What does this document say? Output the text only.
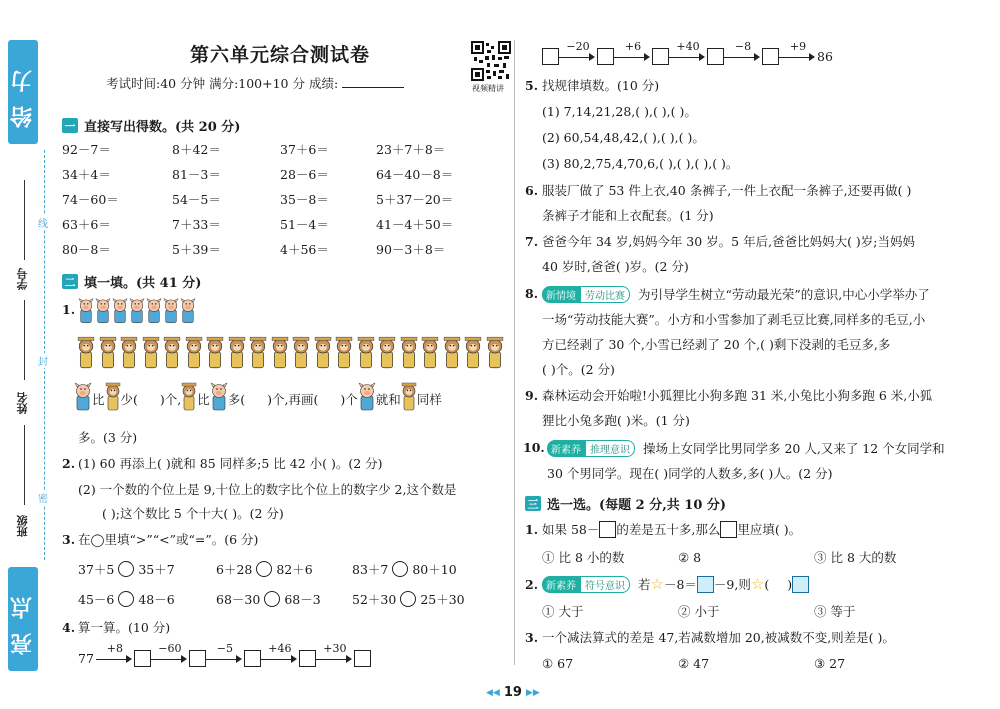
给力
亮点
学号
姓名
班级
线
封
密
第六单元综合测试卷
考试时间:40 分钟 满分:100+10 分 成绩:	视频精讲
一 直接写出得数。(共 20 分)
92－7＝	8＋42＝	37＋6＝	23＋7＋8＝
34＋4＝	81－3＝	28－6＝	64－40－8＝
74－60＝	54－5＝	35－8＝	5＋37－20＝
63＋6＝	7＋33＝	51－4＝	41－4＋50＝
80－8＝	5＋39＝	4＋56＝	90－3＋8＝
二 填一填。(共 41 分)
1.
比 少( )个, 比 多( )个,再画( )个 就和 同样
多。(3 分)
2. (1) 60 再添上( )就和 85 同样多;5 比 42 小( )。(2 分)
(2) 一个数的个位上是 9,十位上的数字比个位上的数字少 2,这个数是
( );这个数比 5 个十大( )。(2 分)
3. 在◯里填“>”“<”或“=”。(6 分)
37＋5 35＋7	6＋28 82＋6	83＋7 80＋10
45－6 48－6	68－30 68－3	52＋30 25＋30
4. 算一算。(10 分)
77
+8	−60	−5	+46	+30
−20	+6	+40	−8	+9
86
5. 找规律填数。(10 分)
(1) 7,14,21,28,( ),( ),( )。
(2) 60,54,48,42,( ),( ),( )。
(3) 80,2,75,4,70,6,( ),( ),( ),( )。
6. 服装厂做了 53 件上衣,40 条裤子,一件上衣配一条裤子,还要再做( )
条裤子才能和上衣配套。(1 分)
7. 爸爸今年 34 岁,妈妈今年 30 岁。5 年后,爸爸比妈妈大( )岁;当妈妈
40 岁时,爸爸( )岁。(2 分)
8. 新情境 劳动比赛	为引导学生树立“劳动最光荣”的意识,中心小学举办了
一场“劳动技能大赛”。小方和小雪参加了剥毛豆比赛,同样多的毛豆,小
方已经剥了 30 个,小雪已经剥了 20 个,( )剩下没剥的毛豆多,多
( )个。(2 分)
9. 森林运动会开始啦!小狐狸比小狗多跑 31 米,小兔比小狗多跑 6 米,小狐
狸比小兔多跑( )米。(1 分)
10. 新素养 推理意识	操场上女同学比男同学多 20 人,又来了 12 个女同学和
30 个男同学。现在( )同学的人数多,多( )人。(2 分)
三 选一选。(每题 2 分,共 10 分)
1. 如果 58－ 的差是五十多,那么 里应填( )。
① 比 8 小的数	② 8	③ 比 8 大的数
2. 新素养 符号意识	若 ☆ －8＝ －9,则 ☆ ( )
① 大于	② 小于	③ 等于
3. 一个减法算式的差是 47,若减数增加 20,被减数不变,则差是( )。
① 67	② 47	③ 27
◀◀ 19 ▶▶
